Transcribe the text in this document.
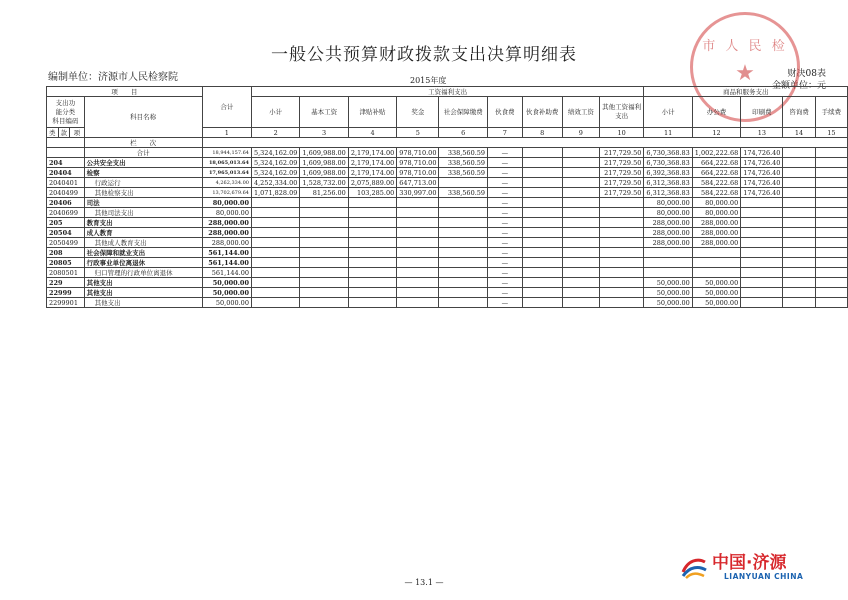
一般公共预算财政拨款支出决算明细表
编制单位：济源市人民检察院	2015年度
财决08表
金额单位：元
市 人 民 检
★
项　　目				合计	工资福利支出									商品和服务支出				

支出功
能分类
科目编码			科目名称		小计	基本工资	津贴补贴	奖金	社会保障缴费	伙食费	伙食补助费	绩效工资	其他工资福利支出	小计	办公费	印刷费	咨询费	手续费

类	款	项		1	2	3	4	5	6	7	8	9	10	11	12	13	14	15
			栏　　次															
			合计	18,944,157.64	5,324,162.09	1,609,988.00	2,179,174.00	978,710.00	338,560.59	—			217,729.50	6,730,368.83	1,002,222.68	174,726.40		
204			公共安全支出	18,065,013.64	5,324,162.09	1,609,988.00	2,179,174.00	978,710.00	338,560.59	—			217,729.50	6,730,368.83	664,222.68	174,726.40		
20404			检察	17,965,013.64	5,324,162.09	1,609,988.00	2,179,174.00	978,710.00	338,560.59	—			217,729.50	6,392,368.83	664,222.68	174,726.40		
2040401			行政运行	4,262,334.00	4,252,334.00	1,528,732.00	2,075,889.00	647,713.00		—			217,729.50	6,312,368.83	584,222.68	174,726.40		
2040499			其他检察支出	13,702,679.64	1,071,828.09	81,256.00	103,285.00	330,997.00	338,560.59	—			217,729.50	6,312,368.83	584,222.68	174,726.40		
20406			司法	80,000.00						—				80,000.00	80,000.00			
2040699			其他司法支出	80,000.00						—				80,000.00	80,000.00			
205			教育支出	288,000.00						—				288,000.00	288,000.00			
20504			成人教育	288,000.00						—				288,000.00	288,000.00			
2050499			其他成人教育支出	288,000.00						—				288,000.00	288,000.00			
208			社会保障和就业支出	561,144.00						—								
20805			行政事业单位离退休	561,144.00						—								
2080501			归口管理的行政单位离退休	561,144.00						—								
229			其他支出	50,000.00						—				50,000.00	50,000.00			
22999			其他支出	50,000.00						—				50,000.00	50,000.00			
2299901			其他支出	50,000.00						—				50,000.00	50,000.00			
— 13.1 —
中国·济源
LIANYUAN CHINA
